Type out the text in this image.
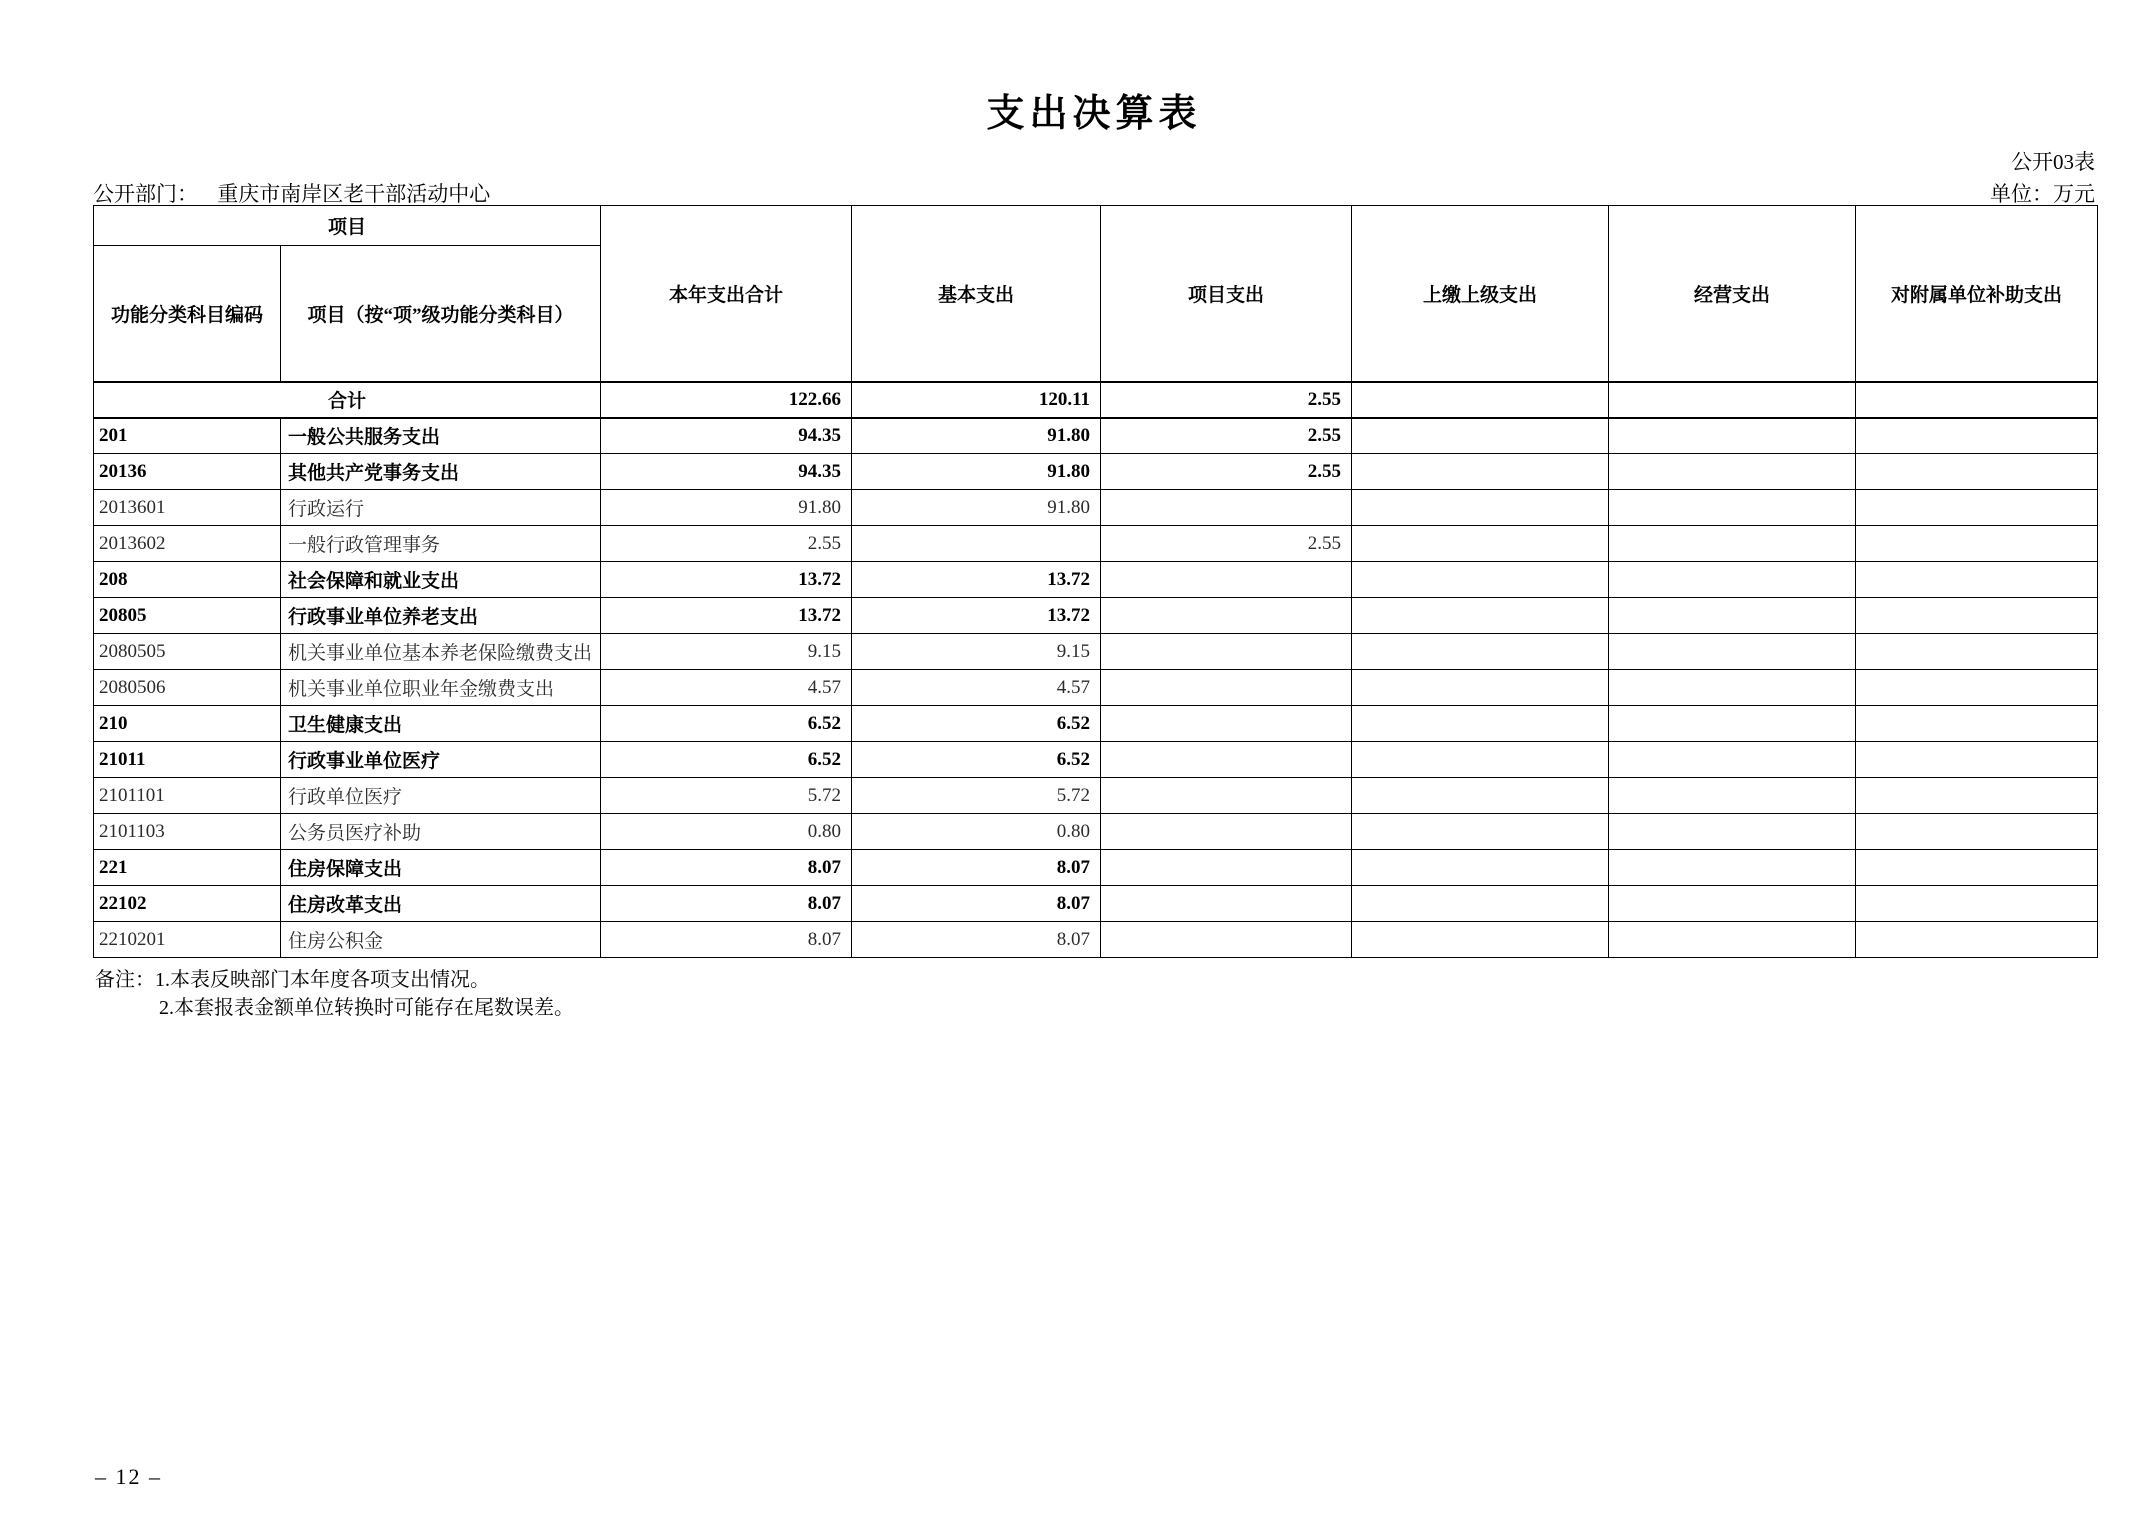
支出决算表
公开03表
公开部门： 重庆市南岸区老干部活动中心	单位：万元
项目		本年支出合计	基本支出	项目支出	上缴上级支出	经营支出	对附属单位补助支出
功能分类科目编码	项目（按“项”级功能分类科目）						
合计		122.66	120.11	2.55			
201	一般公共服务支出	94.35	91.80	2.55			
20136	其他共产党事务支出	94.35	91.80	2.55			
2013601	行政运行	91.80	91.80				
2013602	一般行政管理事务	2.55		2.55			
208	社会保障和就业支出	13.72	13.72				
20805	行政事业单位养老支出	13.72	13.72				
2080505	机关事业单位基本养老保险缴费支出	9.15	9.15				
2080506	机关事业单位职业年金缴费支出	4.57	4.57				
210	卫生健康支出	6.52	6.52				
21011	行政事业单位医疗	6.52	6.52				
2101101	行政单位医疗	5.72	5.72				
2101103	公务员医疗补助	0.80	0.80				
221	住房保障支出	8.07	8.07				
22102	住房改革支出	8.07	8.07				
2210201	住房公积金	8.07	8.07				
备注：1.本表反映部门本年度各项支出情况。
2.本套报表金额单位转换时可能存在尾数误差。
– 12 –
